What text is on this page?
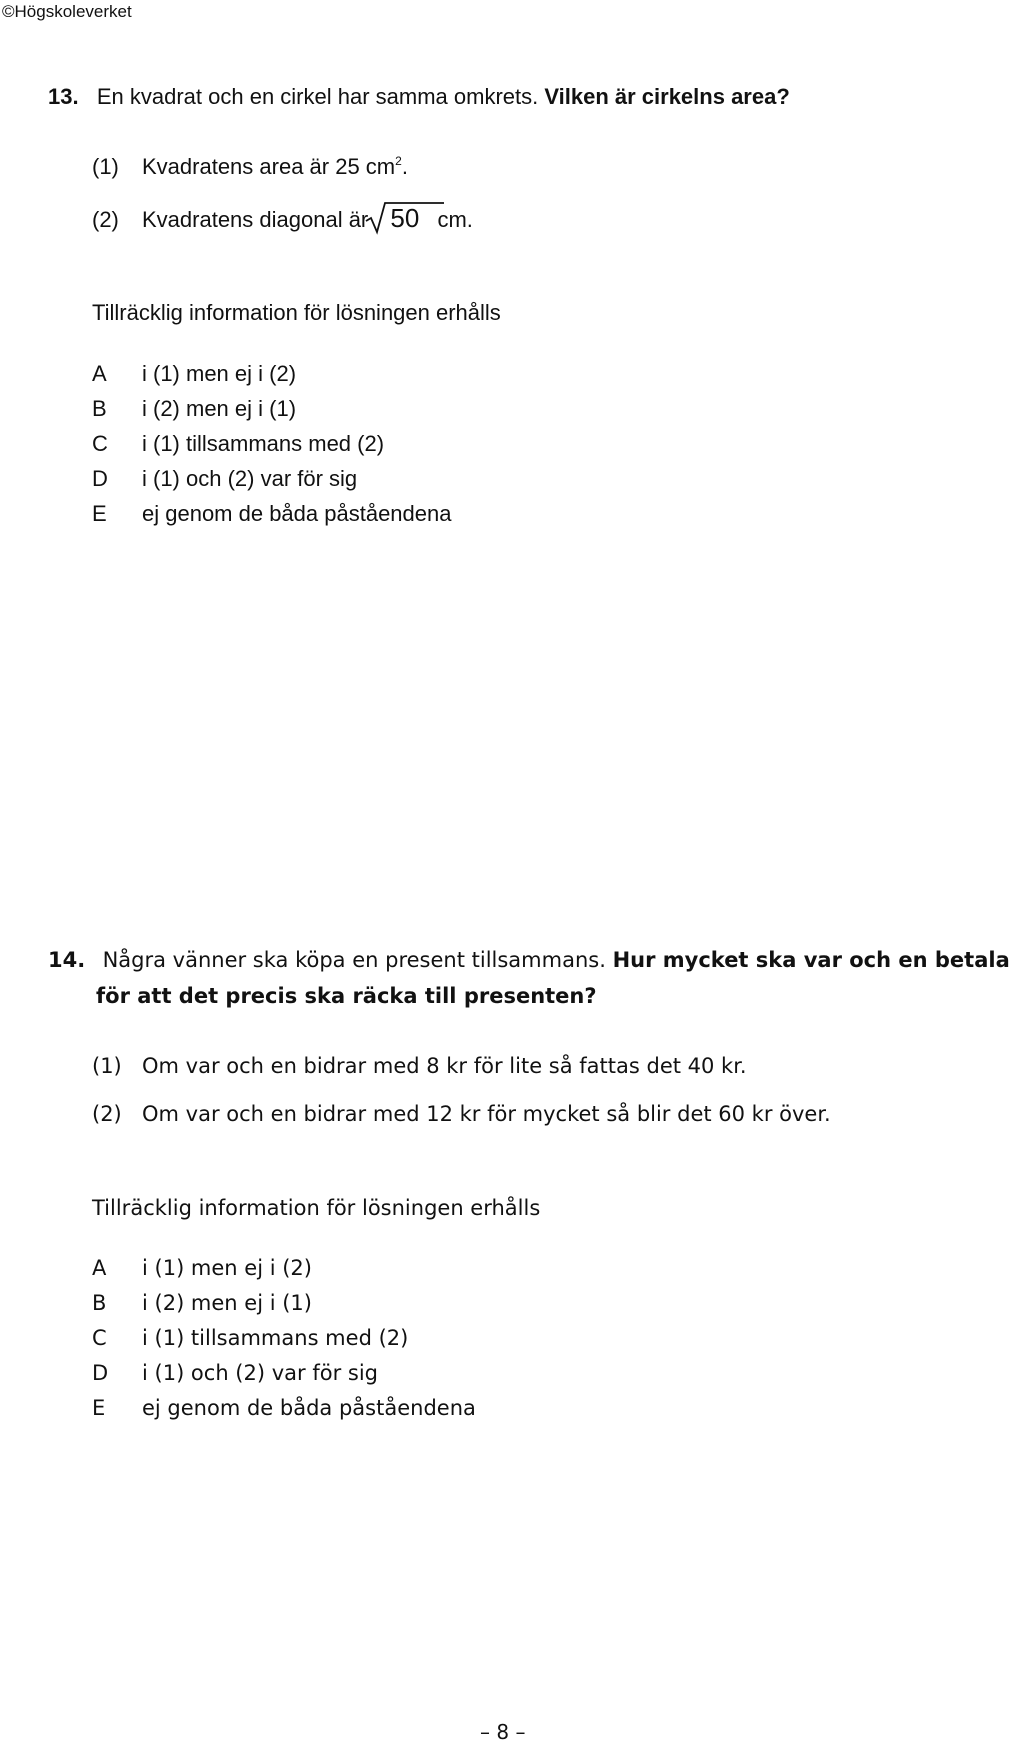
©Högskoleverket
13. En kvadrat och en cirkel har samma omkrets. Vilken är cirkelns area?
(1) Kvadratens area är 25 $cm^2$.
(2) Kvadratens diagonal är 50 cm.
Tillräcklig information för lösningen erhålls
A i (1) men ej i (2)
B i (2) men ej i (1)
C i (1) tillsammans med (2)
D i (1) och (2) var för sig
E ej genom de båda påståendena
14. Några vänner ska köpa en present tillsammans. Hur mycket ska var och en betala
för att det precis ska räcka till presenten?
(1) Om var och en bidrar med 8 kr för lite så fattas det 40 kr.
(2) Om var och en bidrar med 12 kr för mycket så blir det 60 kr över.
Tillräcklig information för lösningen erhålls
A i (1) men ej i (2)
B i (2) men ej i (1)
C i (1) tillsammans med (2)
D i (1) och (2) var för sig
E ej genom de båda påståendena
– 8 –
